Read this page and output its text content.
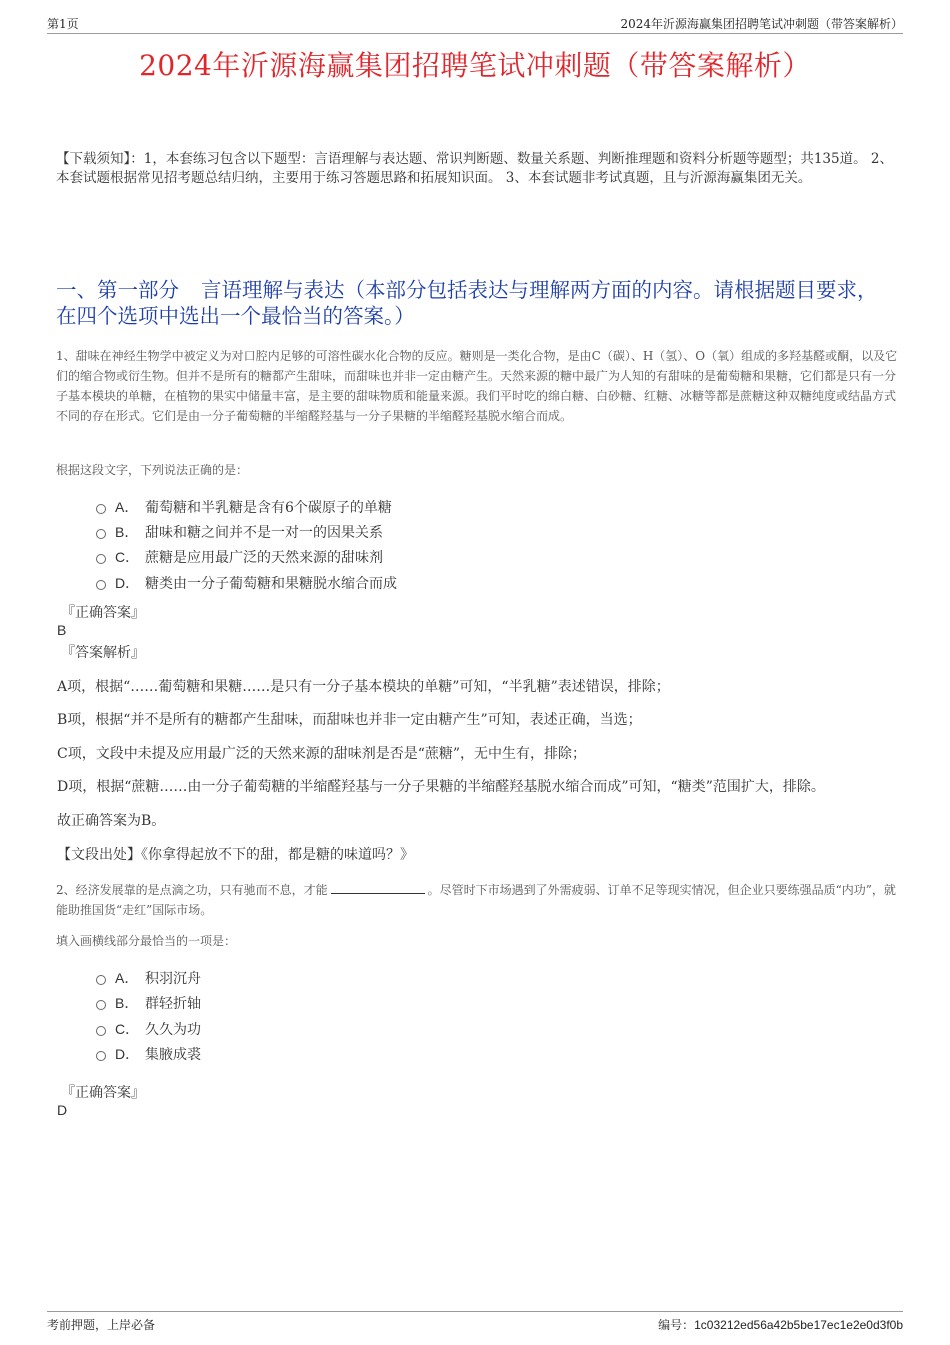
第1页	2024年沂源海赢集团招聘笔试冲刺题（带答案解析）
2024年沂源海赢集团招聘笔试冲刺题（带答案解析）
【下载须知】：1，本套练习包含以下题型：言语理解与表达题、常识判断题、数量关系题、判断推理题和资料分析题等题型；共135道。 2、本套试题根据常见招考题总结归纳，主要用于练习答题思路和拓展知识面。 3、本套试题非考试真题，且与沂源海赢集团无关。
一、第一部分 言语理解与表达（本部分包括表达与理解两方面的内容。请根据题目要求，在四个选项中选出一个最恰当的答案。）
1、甜味在神经生物学中被定义为对口腔内足够的可溶性碳水化合物的反应。糖则是一类化合物，是由C（碳）、H（氢）、O（氧）组成的多羟基醛或酮，以及它们的缩合物或衍生物。但并不是所有的糖都产生甜味，而甜味也并非一定由糖产生。天然来源的糖中最广为人知的有甜味的是葡萄糖和果糖，它们都是只有一分子基本模块的单糖，在植物的果实中储量丰富，是主要的甜味物质和能量来源。我们平时吃的绵白糖、白砂糖、红糖、冰糖等都是蔗糖这种双糖纯度或结晶方式不同的存在形式。它们是由一分子葡萄糖的半缩醛羟基与一分子果糖的半缩醛羟基脱水缩合而成。
根据这段文字，下列说法正确的是：
A． 葡萄糖和半乳糖是含有6个碳原子的单糖
B． 甜味和糖之间并不是一对一的因果关系
C． 蔗糖是应用最广泛的天然来源的甜味剂
D． 糖类由一分子葡萄糖和果糖脱水缩合而成
『正确答案』
B
『答案解析』
A项，根据“……葡萄糖和果糖……是只有一分子基本模块的单糖”可知，“半乳糖”表述错误，排除；
B项，根据“并不是所有的糖都产生甜味，而甜味也并非一定由糖产生”可知，表述正确，当选；
C项，文段中未提及应用最广泛的天然来源的甜味剂是否是“蔗糖”，无中生有，排除；
D项，根据“蔗糖……由一分子葡萄糖的半缩醛羟基与一分子果糖的半缩醛羟基脱水缩合而成”可知，“糖类”范围扩大，排除。
故正确答案为B。
【文段出处】《你拿得起放不下的甜，都是糖的味道吗？》
2、经济发展靠的是点滴之功，只有驰而不息，才能	。尽管时下市场遇到了外需疲弱、订单不足等现实情况，但企业只要练强品质“内功”，就能助推国货“走红”国际市场。
填入画横线部分最恰当的一项是：
A． 积羽沉舟
B． 群轻折轴
C． 久久为功
D． 集腋成裘
『正确答案』
D
考前押题，上岸必备	编号：1c03212ed56a42b5be17ec1e2e0d3f0b
